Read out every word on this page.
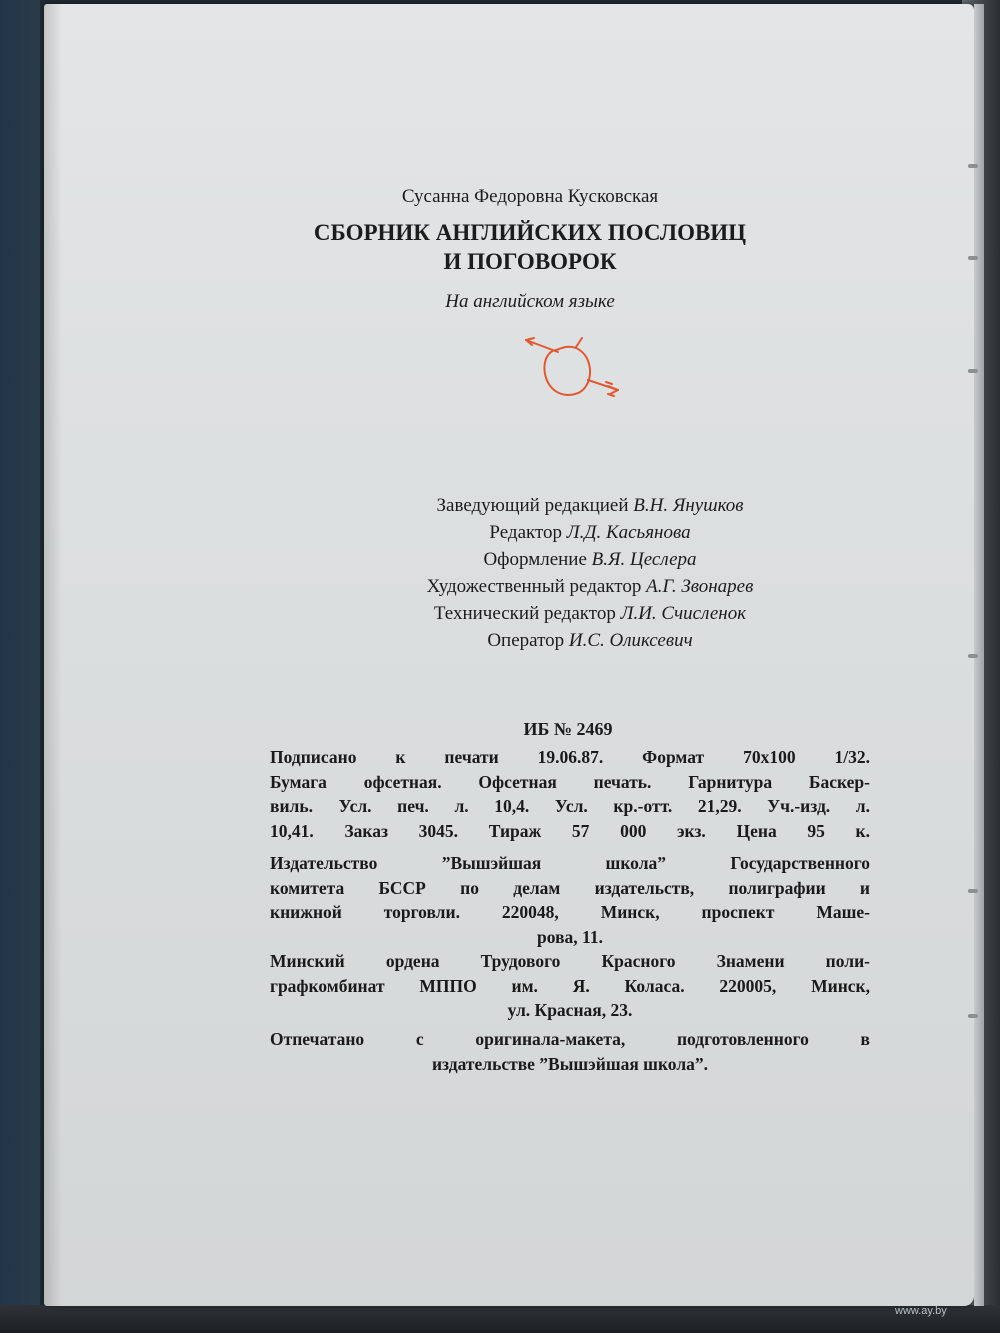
Сусанна Федоровна Кусковская
СБОРНИК АНГЛИЙСКИХ ПОСЛОВИЦ
И ПОГОВОРОК
На английском языке
Заведующий редакцией В.Н. Янушков
Редактор Л.Д. Касьянова
Оформление В.Я. Цеслера
Художественный редактор А.Г. Звонарев
Технический редактор Л.И. Счисленок
Оператор И.С. Оликсевич
ИБ № 2469
Подписано к печати 19.06.87. Формат 70х100 1/32.
Бумага офсетная. Офсетная печать. Гарнитура Баскер-
виль. Усл. печ. л. 10,4. Усл. кр.-отт. 21,29. Уч.-изд. л.
10,41. Заказ 3045. Тираж 57 000 экз. Цена 95 к.
Издательство ”Вышэйшая школа” Государственного
комитета БССР по делам издательств, полиграфии и
книжной торговли. 220048, Минск, проспект Маше-
рова, 11.
Минский ордена Трудового Красного Знамени поли-
графкомбинат МППО им. Я. Коласа. 220005, Минск,
ул. Красная, 23.
Отпечатано с оригинала-макета, подготовленного в
издательстве ”Вышэйшая школа”.
www.ay.by
